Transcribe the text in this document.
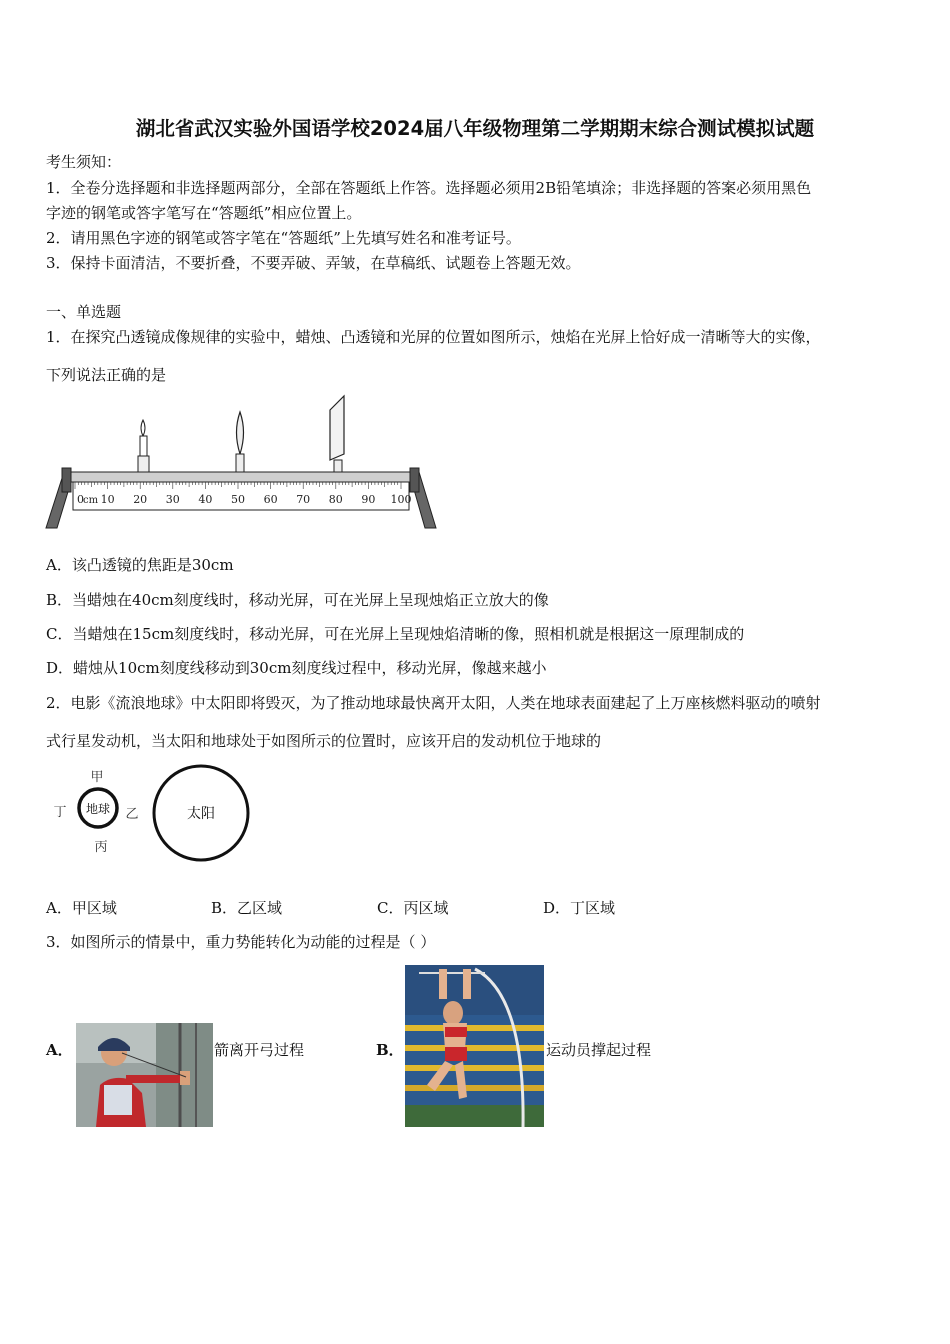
湖北省武汉实验外国语学校2024届八年级物理第二学期期末综合测试模拟试题
考生须知：
1．全卷分选择题和非选择题两部分，全部在答题纸上作答。选择题必须用2B铅笔填涂；非选择题的答案必须用黑色
字迹的钢笔或答字笔写在“答题纸”相应位置上。
2．请用黑色字迹的钢笔或答字笔在“答题纸”上先填写姓名和准考证号。
3．保持卡面清洁，不要折叠，不要弄破、弄皱，在草稿纸、试题卷上答题无效。
一、单选题
1．在探究凸透镜成像规律的实验中，蜡烛、凸透镜和光屏的位置如图所示，烛焰在光屏上恰好成一清晰等大的实像，
下列说法正确的是
0 10 20 30 40 50 60 70 80 90 100
cm
A．该凸透镜的焦距是30cm
B．当蜡烛在40cm刻度线时，移动光屏，可在光屏上呈现烛焰正立放大的像
C．当蜡烛在15cm刻度线时，移动光屏，可在光屏上呈现烛焰清晰的像，照相机就是根据这一原理制成的
D．蜡烛从10cm刻度线移动到30cm刻度线过程中，移动光屏，像越来越小
2．电影《流浪地球》中太阳即将毁灭，为了推动地球最快离开太阳，人类在地球表面建起了上万座核燃料驱动的喷射
式行星发动机，当太阳和地球处于如图所示的位置时，应该开启的发动机位于地球的
地球
甲
乙
丙
丁	太阳
A．甲区域	B．乙区域	C．丙区域	D．丁区域
3．如图所示的情景中，重力势能转化为动能的过程是（ ）
A．	箭离开弓过程	B．	运动员撑起过程
